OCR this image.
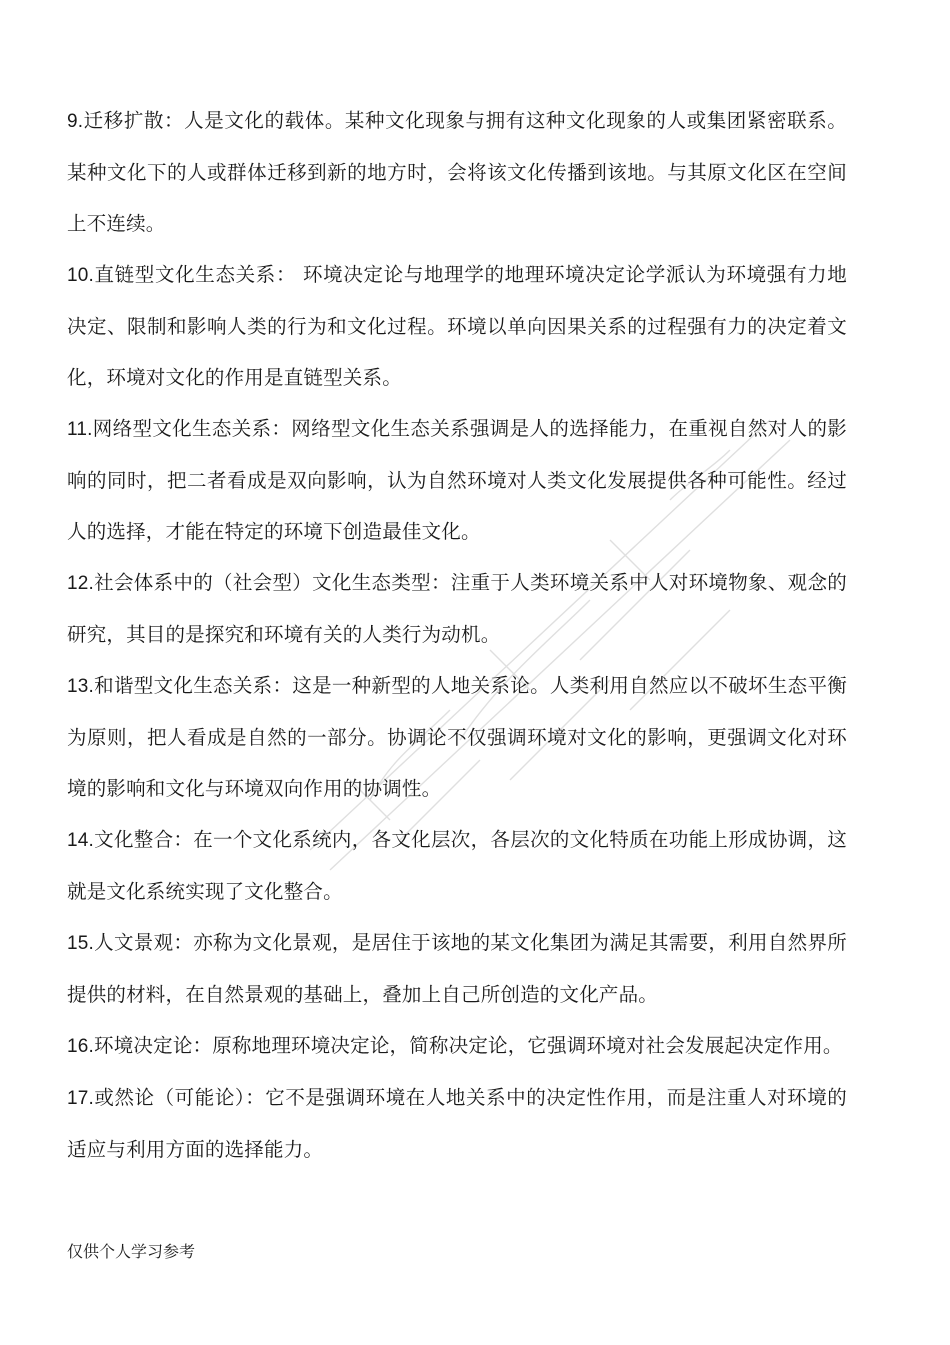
9.迁移扩散：人是文化的载体。某种文化现象与拥有这种文化现象的人或集团紧密联系。某种文化下的人或群体迁移到新的地方时，会将该文化传播到该地。与其原文化区在空间上不连续。

10.直链型文化生态关系： 环境决定论与地理学的地理环境决定论学派认为环境强有力地决定、限制和影响人类的行为和文化过程。环境以单向因果关系的过程强有力的决定着文化，环境对文化的作用是直链型关系。

11.网络型文化生态关系：网络型文化生态关系强调是人的选择能力，在重视自然对人的影响的同时，把二者看成是双向影响，认为自然环境对人类文化发展提供各种可能性。经过人的选择，才能在特定的环境下创造最佳文化。

12.社会体系中的（社会型）文化生态类型：注重于人类环境关系中人对环境物象、观念的研究，其目的是探究和环境有关的人类行为动机。

13.和谐型文化生态关系：这是一种新型的人地关系论。人类利用自然应以不破坏生态平衡为原则，把人看成是自然的一部分。协调论不仅强调环境对文化的影响，更强调文化对环境的影响和文化与环境双向作用的协调性。

14.文化整合：在一个文化系统内，各文化层次，各层次的文化特质在功能上形成协调，这就是文化系统实现了文化整合。

15.人文景观：亦称为文化景观，是居住于该地的某文化集团为满足其需要，利用自然界所提供的材料，在自然景观的基础上，叠加上自己所创造的文化产品。

16.环境决定论：原称地理环境决定论，简称决定论，它强调环境对社会发展起决定作用。

17.或然论（可能论）：它不是强调环境在人地关系中的决定性作用，而是注重人对环境的适应与利用方面的选择能力。

仅供个人学习参考
